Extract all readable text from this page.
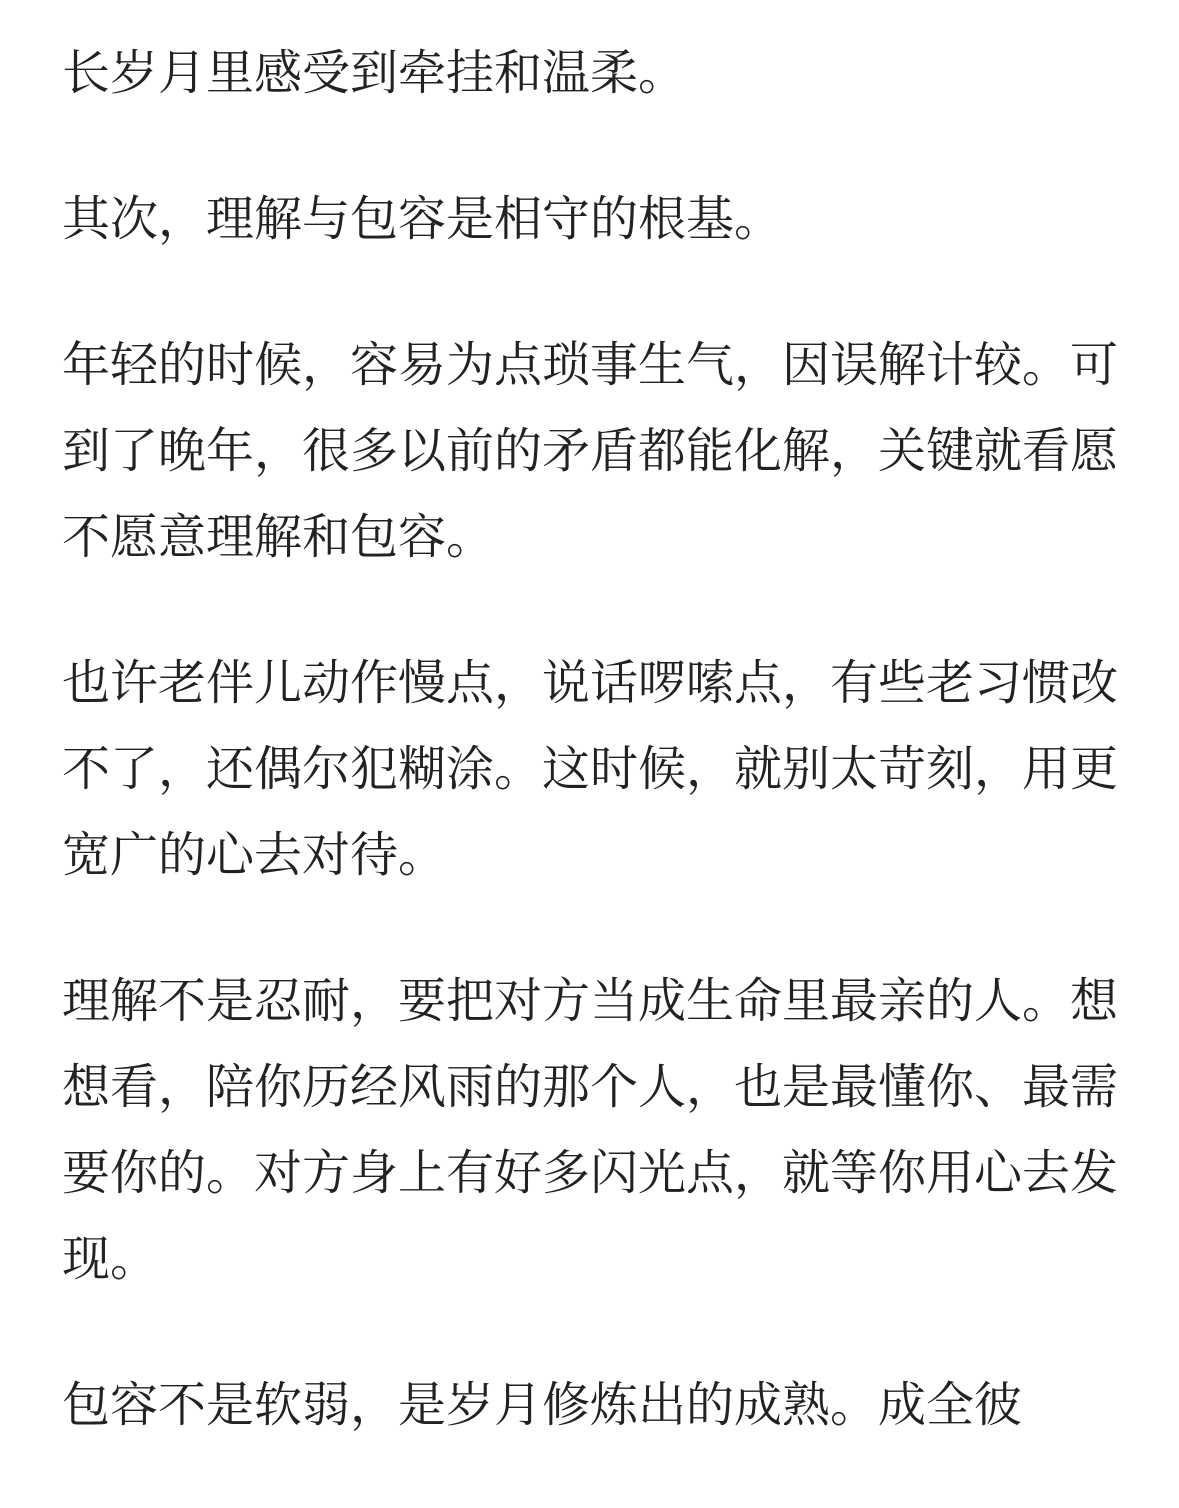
长岁月里感受到牵挂和温柔。

其次，理解与包容是相守的根基。

年轻的时候，容易为点琐事生气，因误解计较。可到了晚年，很多以前的矛盾都能化解，关键就看愿不愿意理解和包容。

也许老伴儿动作慢点，说话啰嗦点，有些老习惯改不了，还偶尔犯糊涂。这时候，就别太苛刻，用更宽广的心去对待。

理解不是忍耐，要把对方当成生命里最亲的人。想想看，陪你历经风雨的那个人，也是最懂你、最需要你的。对方身上有好多闪光点，就等你用心去发现。

包容不是软弱，是岁月修炼出的成熟。成全彼
